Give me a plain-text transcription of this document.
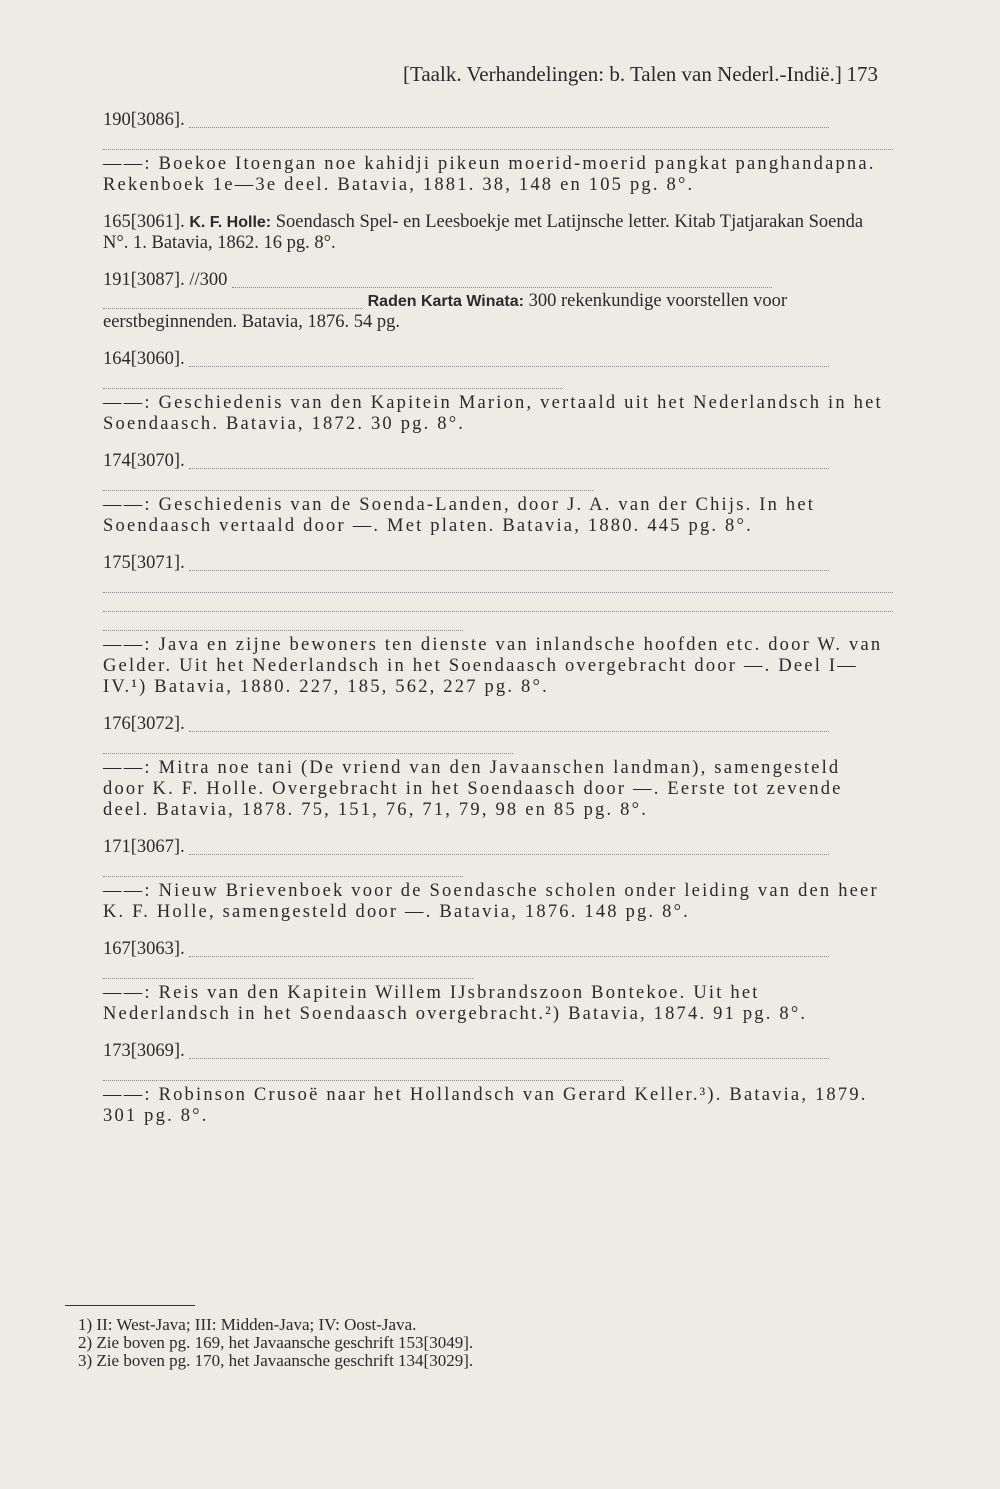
[Taalk. Verhandelingen: b. Talen van Nederl.-Indië.] 173

190[3086].

——: Boekoe Itoengan noe kahidji pikeun moerid-moerid pangkat panghandapna. Rekenboek 1e—3e deel. Batavia, 1881. 38, 148 en 105 pg. 8°.

165[3061]. K. F. Holle: Soendasch Spel- en Leesboekje met Latijnsche letter. Kitab Tjatjarakan Soenda N°. 1. Batavia, 1862. 16 pg. 8°.

191[3087]. //300

Raden Karta Winata: 300 rekenkundige voorstellen voor eerstbeginnenden. Batavia, 1876. 54 pg.

164[3060].

——: Geschiedenis van den Kapitein Marion, vertaald uit het Nederlandsch in het Soendaasch. Batavia, 1872. 30 pg. 8°.

174[3070].

——: Geschiedenis van de Soenda-Landen, door J. A. van der Chijs. In het Soendaasch vertaald door —. Met platen. Batavia, 1880. 445 pg. 8°.

175[3071].

——: Java en zijne bewoners ten dienste van inlandsche hoofden etc. door W. van Gelder. Uit het Nederlandsch in het Soendaasch overgebracht door —. Deel I—IV.¹) Batavia, 1880. 227, 185, 562, 227 pg. 8°.

176[3072].

——: Mitra noe tani (De vriend van den Javaanschen landman), samengesteld door K. F. Holle. Overgebracht in het Soendaasch door —. Eerste tot zevende deel. Batavia, 1878. 75, 151, 76, 71, 79, 98 en 85 pg. 8°.

171[3067].

——: Nieuw Brievenboek voor de Soendasche scholen onder leiding van den heer K. F. Holle, samengesteld door —. Batavia, 1876. 148 pg. 8°.

167[3063].

——: Reis van den Kapitein Willem IJsbrandszoon Bontekoe. Uit het Nederlandsch in het Soendaasch overgebracht.²) Batavia, 1874. 91 pg. 8°.

173[3069].

——: Robinson Crusoë naar het Hollandsch van Gerard Keller.³). Batavia, 1879. 301 pg. 8°.

1) II: West-Java; III: Midden-Java; IV: Oost-Java.

2) Zie boven pg. 169, het Javaansche geschrift 153[3049].

3) Zie boven pg. 170, het Javaansche geschrift 134[3029].
